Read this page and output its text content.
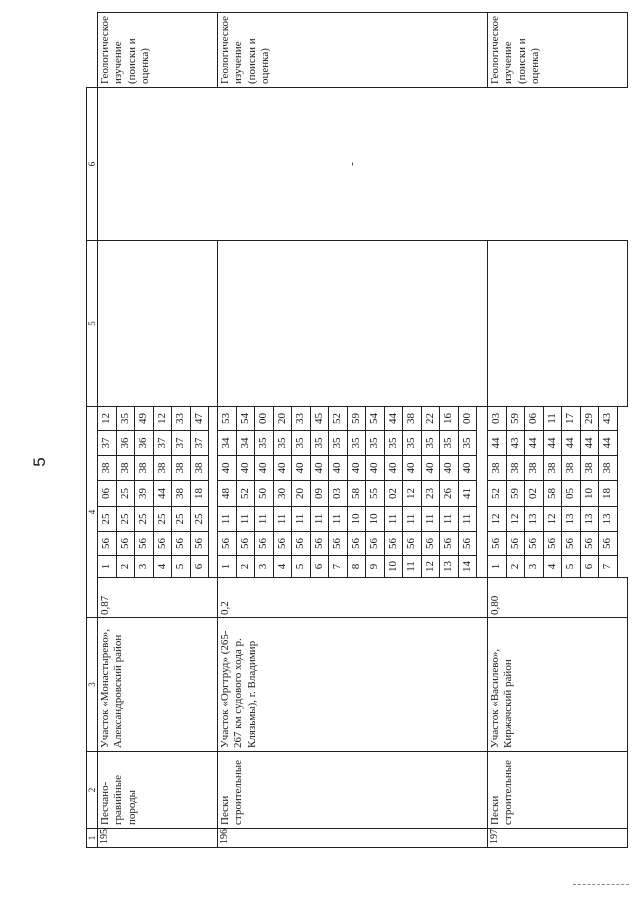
5
1	2	3	4								5	6	
195	Песчано-гравийные породы	Участок «Монастырево», Александровский район	0,87	1	56	25	06	38	37	12			Геологическое изучение (поиски и оценка)
				2	56	25	25	38	36	35			
				3	56	25	39	38	36	49			
				4	56	25	44	38	37	12			
				5	56	25	38	38	37	33			
				6	56	25	18	38	37	47			

196	Пески строительные	Участок «Оргтруд» (265-267 км судового хода р. Клязьмы), г. Владимир	0,2	1	56	11	48	40	34	53		-	Геологическое изучение (поиски и оценка)
				2	56	11	52	40	34	54			
				3	56	11	50	40	35	00			
				4	56	11	30	40	35	20			
				5	56	11	20	40	35	33			
				6	56	11	09	40	35	45			
				7	56	11	03	40	35	52			
				8	56	10	58	40	35	59			
				9	56	10	55	40	35	54			
				10	56	11	02	40	35	44			
				11	56	11	12	40	35	38			
				12	56	11	23	40	35	22			
				13	56	11	26	40	35	16			
				14	56	11	41	40	35	00			

197	Пески строительные	Участок «Василево», Киржачский район	0,80	1	56	12	52	38	44	03			Геологическое изучение (поиски и оценка)
				2	56	12	59	38	43	59			
				3	56	13	02	38	44	06			
				4	56	12	58	38	44	11			
				5	56	13	05	38	44	17			
				6	56	13	10	38	44	29			
				7	56	13	18	38	44	43			
